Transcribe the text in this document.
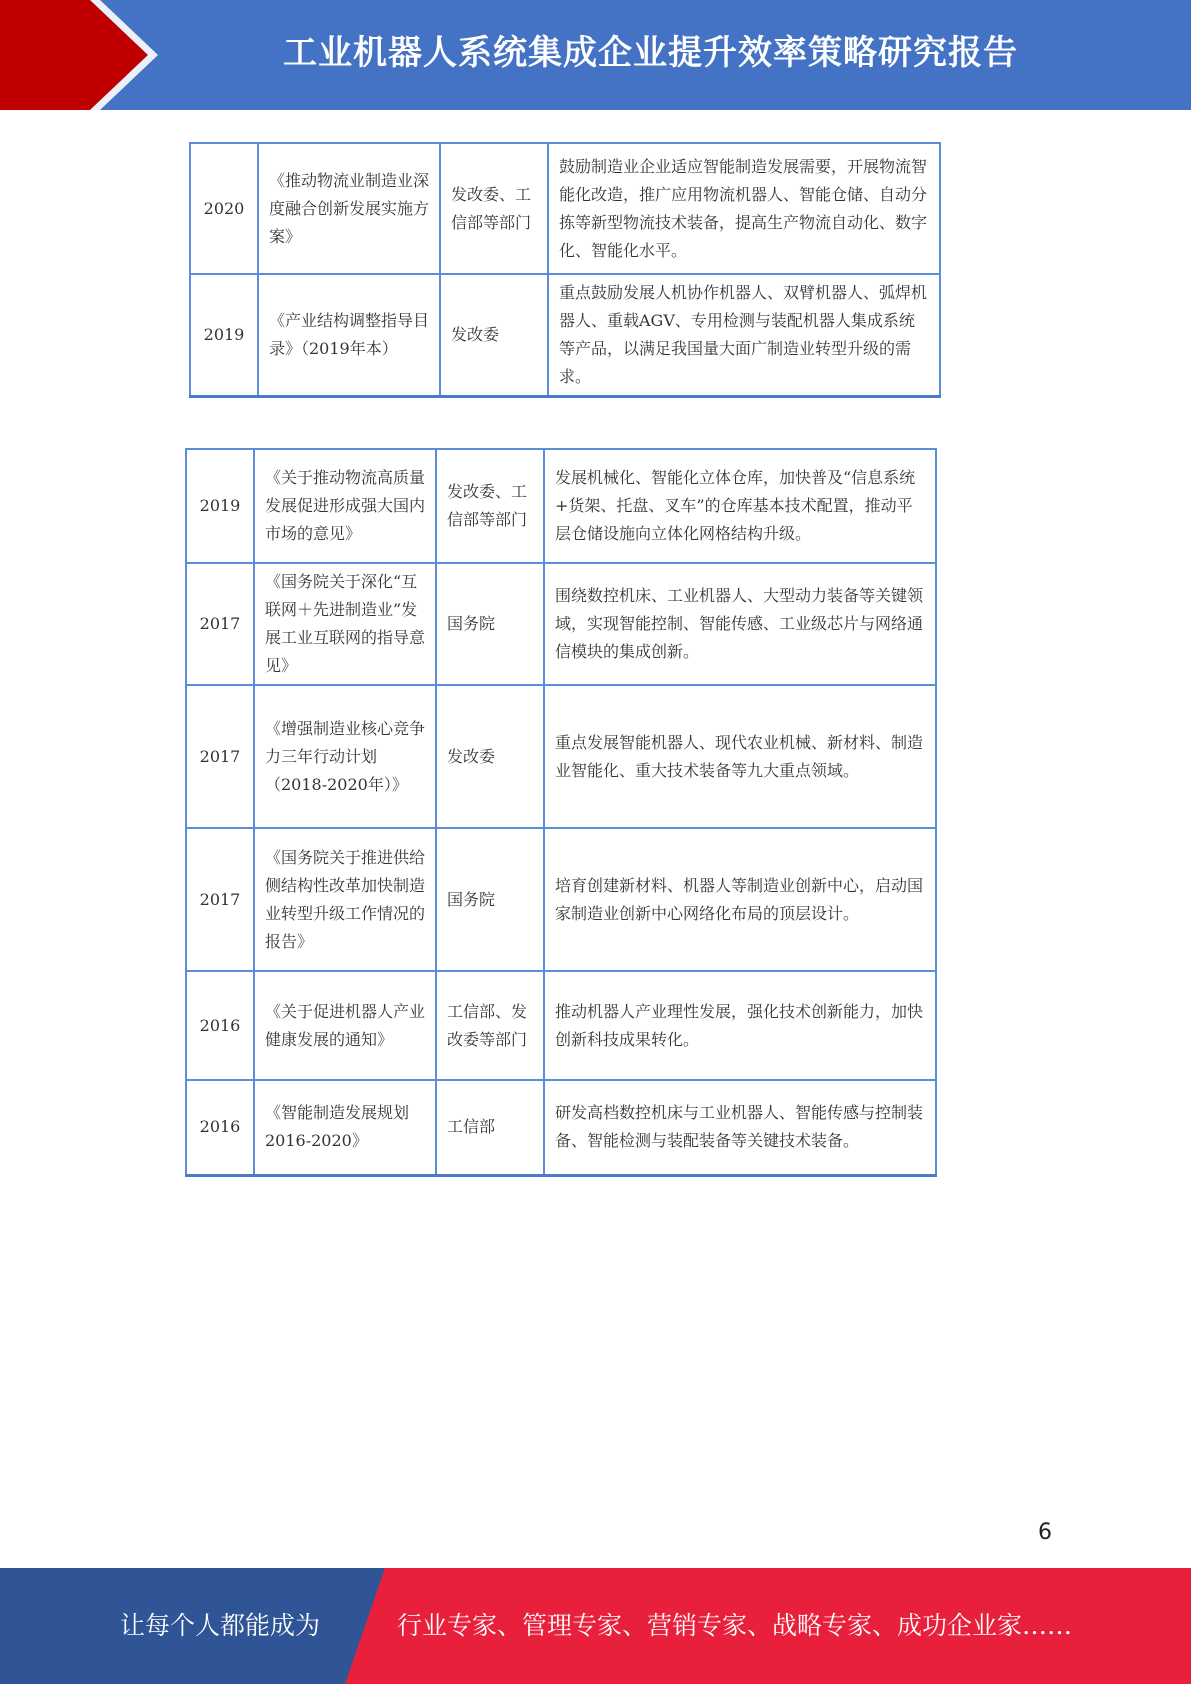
工业机器人系统集成企业提升效率策略研究报告
2020	《推动物流业制造业深度融合创新发展实施方案》	发改委、工信部等部门	鼓励制造业企业适应智能制造发展需要，开展物流智能化改造，推广应用物流机器人、智能仓储、自动分拣等新型物流技术装备，提高生产物流自动化、数字化、智能化水平。
2019	《产业结构调整指导目录》（2019年本）	发改委	重点鼓励发展人机协作机器人、双臂机器人、弧焊机器人、重载AGV、专用检测与装配机器人集成系统等产品，以满足我国量大面广制造业转型升级的需求。
2019	《关于推动物流高质量发展促进形成强大国内市场的意见》	发改委、工信部等部门	发展机械化、智能化立体仓库，加快普及“信息系统+货架、托盘、叉车”的仓库基本技术配置，推动平层仓储设施向立体化网格结构升级。
2017	《国务院关于深化“互联网＋先进制造业”发展工业互联网的指导意见》	国务院	围绕数控机床、工业机器人、大型动力装备等关键领域，实现智能控制、智能传感、工业级芯片与网络通信模块的集成创新。
2017	《增强制造业核心竞争力三年行动计划（2018-2020年）》	发改委	重点发展智能机器人、现代农业机械、新材料、制造业智能化、重大技术装备等九大重点领域。
2017	《国务院关于推进供给侧结构性改革加快制造业转型升级工作情况的报告》	国务院	培育创建新材料、机器人等制造业创新中心，启动国家制造业创新中心网络化布局的顶层设计。
2016	《关于促进机器人产业健康发展的通知》	工信部、发改委等部门	推动机器人产业理性发展，强化技术创新能力，加快创新科技成果转化。
2016	《智能制造发展规划2016-2020》	工信部	研发高档数控机床与工业机器人、智能传感与控制装备、智能检测与装配装备等关键技术装备。
6
让每个人都能成为	行业专家、管理专家、营销专家、战略专家、成功企业家……
